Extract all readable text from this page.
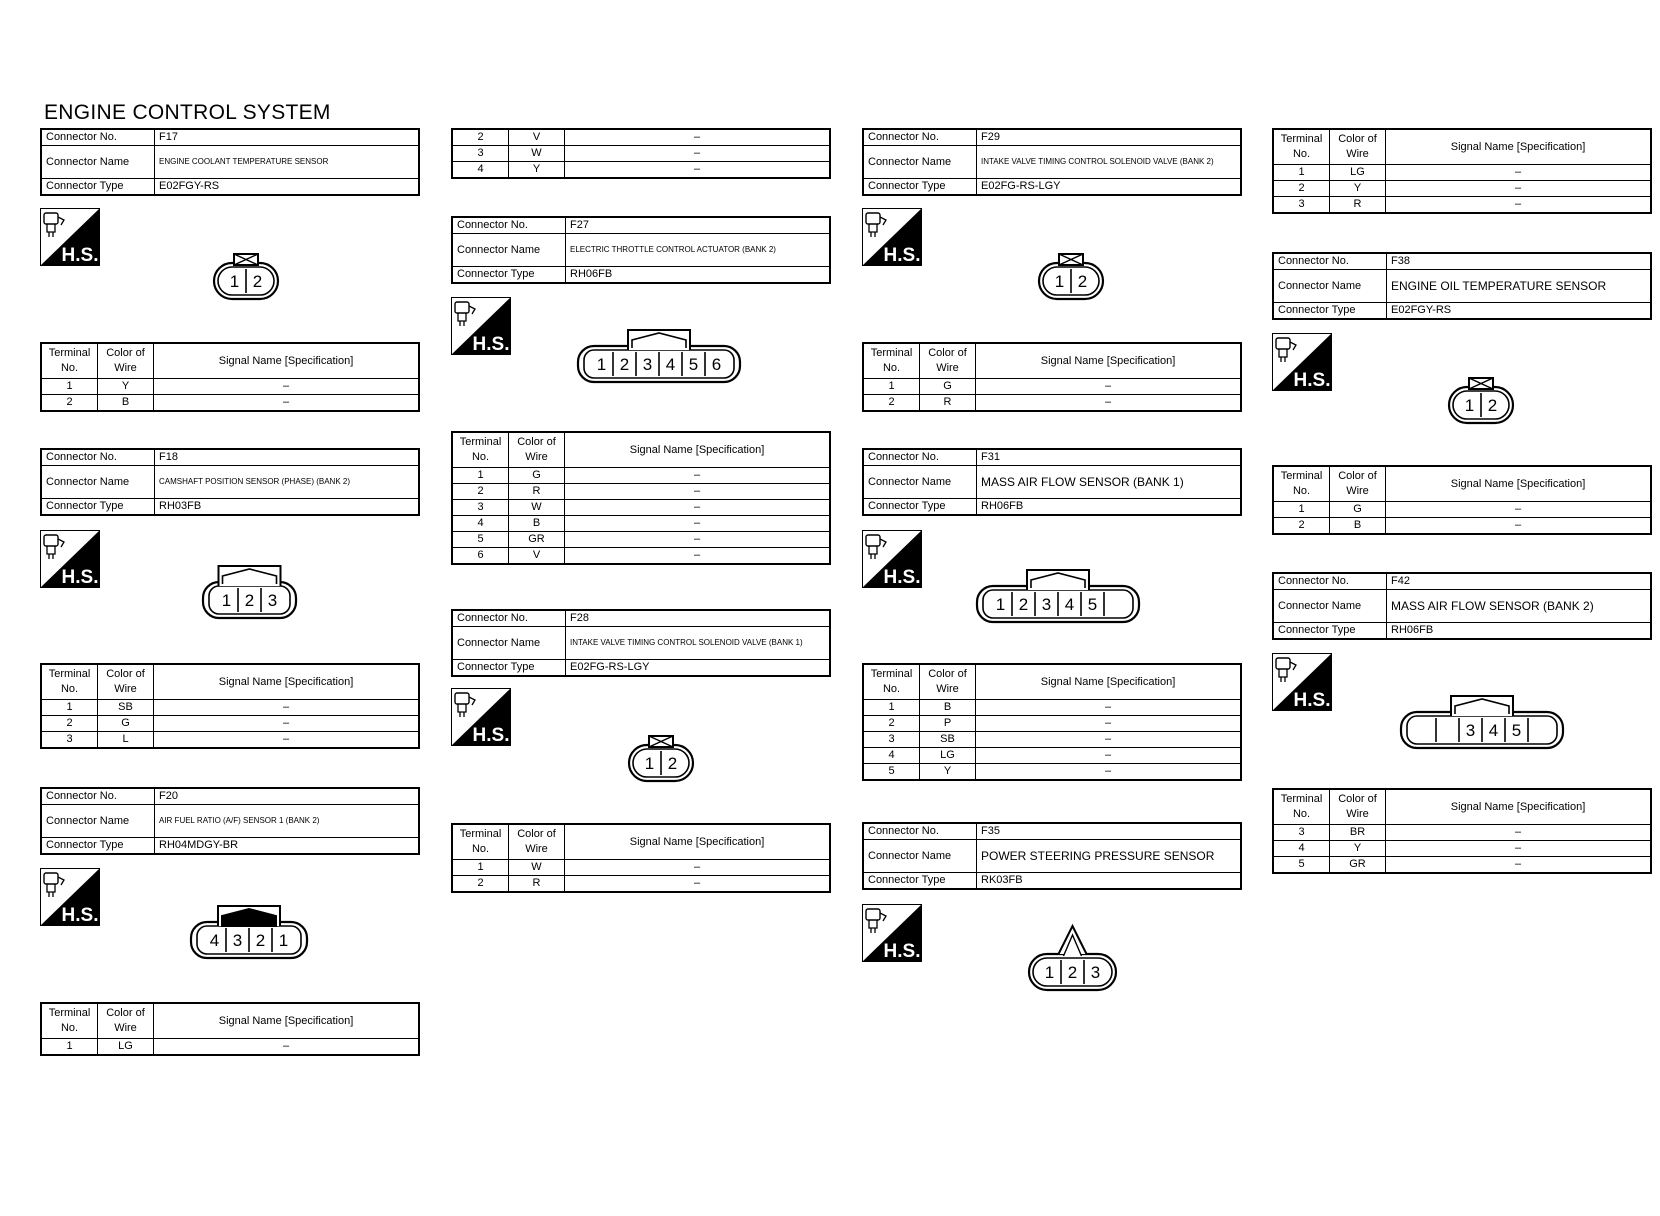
ENGINE CONTROL SYSTEM
Connector No.	F17
Connector Name	ENGINE COOLANT TEMPERATURE SENSOR
Connector Type	E02FGY-RS
H.S.
1 2
Terminal No.	Color of Wire	Signal Name [Specification]
1	Y	–
2	B	–
Connector No.	F18
Connector Name	CAMSHAFT POSITION SENSOR (PHASE) (BANK 2)
Connector Type	RH03FB
H.S.
1 2 3
Terminal No.	Color of Wire	Signal Name [Specification]
1	SB	–
2	G	–
3	L	–
Connector No.	F20
Connector Name	AIR FUEL RATIO (A/F) SENSOR 1 (BANK 2)
Connector Type	RH04MDGY-BR
H.S.
4 3 2 1
Terminal No.	Color of Wire	Signal Name [Specification]
1	LG	–
2	V	–
3	W	–
4	Y	–
Connector No.	F27
Connector Name	ELECTRIC THROTTLE CONTROL ACTUATOR (BANK 2)
Connector Type	RH06FB
H.S.
1 2 3 4 5 6
Terminal No.	Color of Wire	Signal Name [Specification]
1	G	–
2	R	–
3	W	–
4	B	–
5	GR	–
6	V	–
Connector No.	F28
Connector Name	INTAKE VALVE TIMING CONTROL SOLENOID VALVE (BANK 1)
Connector Type	E02FG-RS-LGY
H.S.
1 2
Terminal No.	Color of Wire	Signal Name [Specification]
1	W	–
2	R	–
Connector No.	F29
Connector Name	INTAKE VALVE TIMING CONTROL SOLENOID VALVE (BANK 2)
Connector Type	E02FG-RS-LGY
H.S.
1 2
Terminal No.	Color of Wire	Signal Name [Specification]
1	G	–
2	R	–
Connector No.	F31
Connector Name	MASS AIR FLOW SENSOR (BANK 1)
Connector Type	RH06FB
H.S.
1 2 3 4 5
Terminal No.	Color of Wire	Signal Name [Specification]
1	B	–
2	P	–
3	SB	–
4	LG	–
5	Y	–
Connector No.	F35
Connector Name	POWER STEERING PRESSURE SENSOR
Connector Type	RK03FB
H.S.
1 2 3
Connector No.	F38
Connector Name	ENGINE OIL TEMPERATURE SENSOR
Connector Type	E02FGY-RS
H.S.
1 2
Terminal No.	Color of Wire	Signal Name [Specification]
1	G	–
2	B	–
Connector No.	F42
Connector Name	MASS AIR FLOW SENSOR (BANK 2)
Connector Type	RH06FB
H.S.
3 4 5
Terminal No.	Color of Wire	Signal Name [Specification]
3	BR	–
4	Y	–
5	GR	–
Terminal No.	Color of Wire	Signal Name [Specification]
1	LG	–
2	Y	–
3	R	–
